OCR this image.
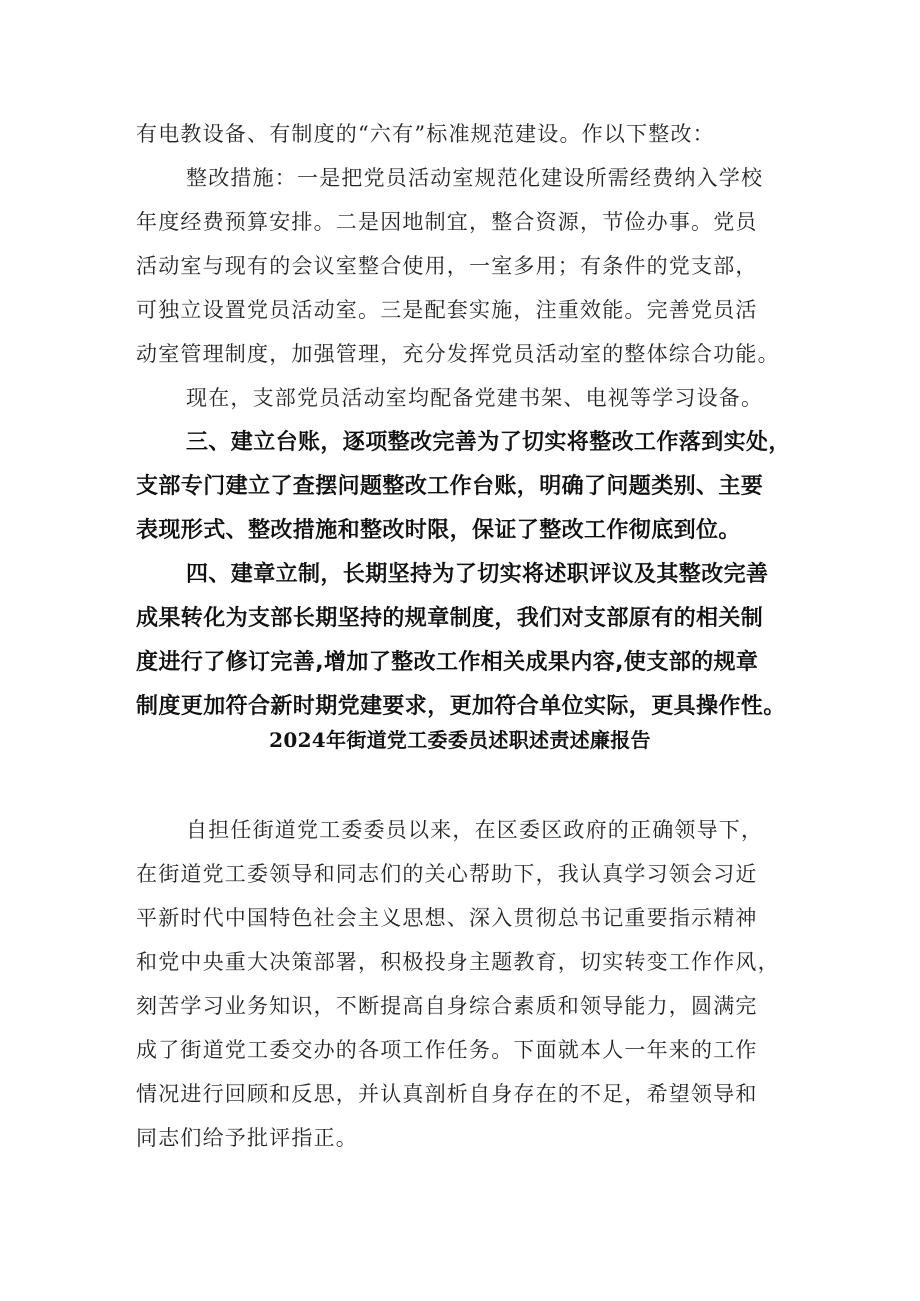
有电教设备、有制度的“六有”标准规范建设。作以下整改：

整改措施：一是把党员活动室规范化建设所需经费纳入学校

年度经费预算安排。二是因地制宜，整合资源，节俭办事。党员

活动室与现有的会议室整合使用，一室多用；有条件的党支部，

可独立设置党员活动室。三是配套实施，注重效能。完善党员活

动室管理制度，加强管理，充分发挥党员活动室的整体综合功能。

现在，支部党员活动室均配备党建书架、电视等学习设备。

三、建立台账，逐项整改完善为了切实将整改工作落到实处，

支部专门建立了查摆问题整改工作台账，明确了问题类别、主要

表现形式、整改措施和整改时限，保证了整改工作彻底到位。

四、建章立制，长期坚持为了切实将述职评议及其整改完善

成果转化为支部长期坚持的规章制度，我们对支部原有的相关制

度进行了修订完善,增加了整改工作相关成果内容,使支部的规章

制度更加符合新时期党建要求，更加符合单位实际，更具操作性。

2024年街道党工委委员述职述责述廉报告

自担任街道党工委委员以来，在区委区政府的正确领导下，

在街道党工委领导和同志们的关心帮助下，我认真学习领会习近

平新时代中国特色社会主义思想、深入贯彻总书记重要指示精神

和党中央重大决策部署，积极投身主题教育，切实转变工作作风，

刻苦学习业务知识，不断提高自身综合素质和领导能力，圆满完

成了街道党工委交办的各项工作任务。下面就本人一年来的工作

情况进行回顾和反思，并认真剖析自身存在的不足，希望领导和

同志们给予批评指正。
